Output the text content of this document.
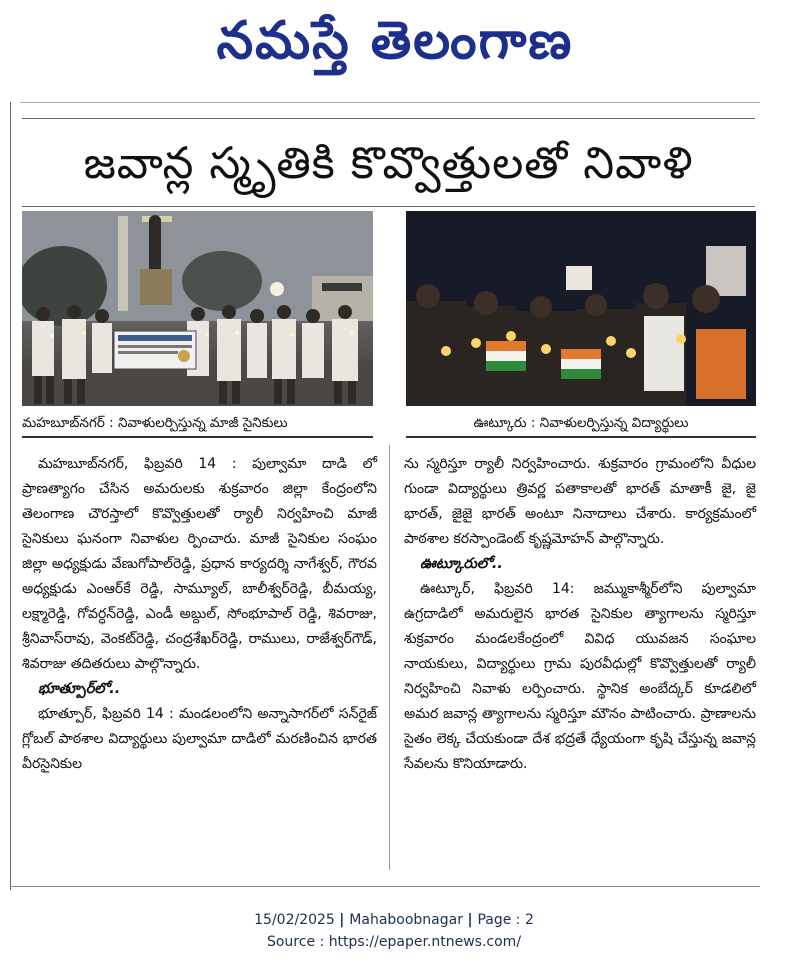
నమస్తే తెలంగాణ
జవాన్ల స్మృతికి కొవ్వొత్తులతో నివాళి
మహబూబ్‌నగర్ : నివాళులర్పిస్తున్న మాజీ సైనికులు	ఊట్కూరు : నివాళులర్పిస్తున్న విద్యార్థులు

మహబూబ్‌నగర్, ఫిబ్రవరి 14 : పుల్వామా దాడి లో ప్రాణత్యాగం చేసిన అమరులకు శుక్రవారం జిల్లా కేంద్రంలోని తెలంగాణ చౌరస్తాలో కొవ్వొత్తులతో ర్యాలీ నిర్వహించి మాజీ సైనికులు ఘనంగా నివాళుల ర్పించారు. మాజీ సైనికుల సంఘం జిల్లా అధ్యక్షుడు వేణుగోపాల్‌రెడ్డి, ప్రధాన కార్యదర్శి నాగేశ్వర్, గౌరవ అధ్యక్షుడు ఎంఆర్‌కే రెడ్డి, సామ్యూల్, బాలీశ్వర్‌రెడ్డి, బీమయ్య, లక్ష్మారెడ్డి, గోవర్ధన్‌రెడ్డి, ఎండీ అబ్దుల్, సోంభూపాల్ రెడ్డి, శివరాజు, శ్రీనివాస్‌రావు, వెంకట్‌రెడ్డి, చంద్రశేఖర్‌రెడ్డి, రాములు, రాజేశ్వర్‌గౌడ్, శివరాజు తదితరులు పాల్గొన్నారు.

భూత్పూర్‌లో..

భూత్పూర్, ఫిబ్రవరి 14 : మండలంలోని అన్నాసాగర్‌లో సన్‌రైజ్ గ్లోబల్ పాఠశాల విద్యార్థులు పుల్వామా దాడిలో మరణించిన భారత వీరసైనికుల

ను స్మరిస్తూ ర్యాలీ నిర్వహించారు. శుక్రవారం గ్రామంలోని వీధుల గుండా విద్యార్థులు త్రివర్ణ పతాకాలతో భారత్ మాతాకీ జై, జై భారత్, జైజై భారత్ అంటూ నినాదాలు చేశారు. కార్యక్రమంలో పాఠశాల కరస్పాండెంట్ కృష్ణమోహన్ పాల్గొన్నారు.

ఊట్కూరులో..

ఊట్కూర్, ఫిబ్రవరి 14: జమ్ముకాశ్మీర్‌లోని పుల్వామా ఉగ్రదాడిలో అమరులైన భారత సైనికుల త్యాగాలను స్మరిస్తూ శుక్రవారం మండలకేంద్రంలో వివిధ యువజన సంఘాల నాయకులు, విద్యార్థులు గ్రామ పురవీధుల్లో కొవ్వొత్తులతో ర్యాలీ నిర్వహించి నివాళు లర్పించారు. స్థానిక అంబేద్కర్ కూడలిలో అమర జవాన్ల త్యాగాలను స్మరిస్తూ మౌనం పాటించారు. ప్రాణాలను సైతం లెక్క చేయకుండా దేశ భద్రతే ధ్యేయంగా కృషి చేస్తున్న జవాన్ల సేవలను కొనియాడారు.

15/02/2025 | Mahaboobnagar | Page : 2
Source : https://epaper.ntnews.com/
